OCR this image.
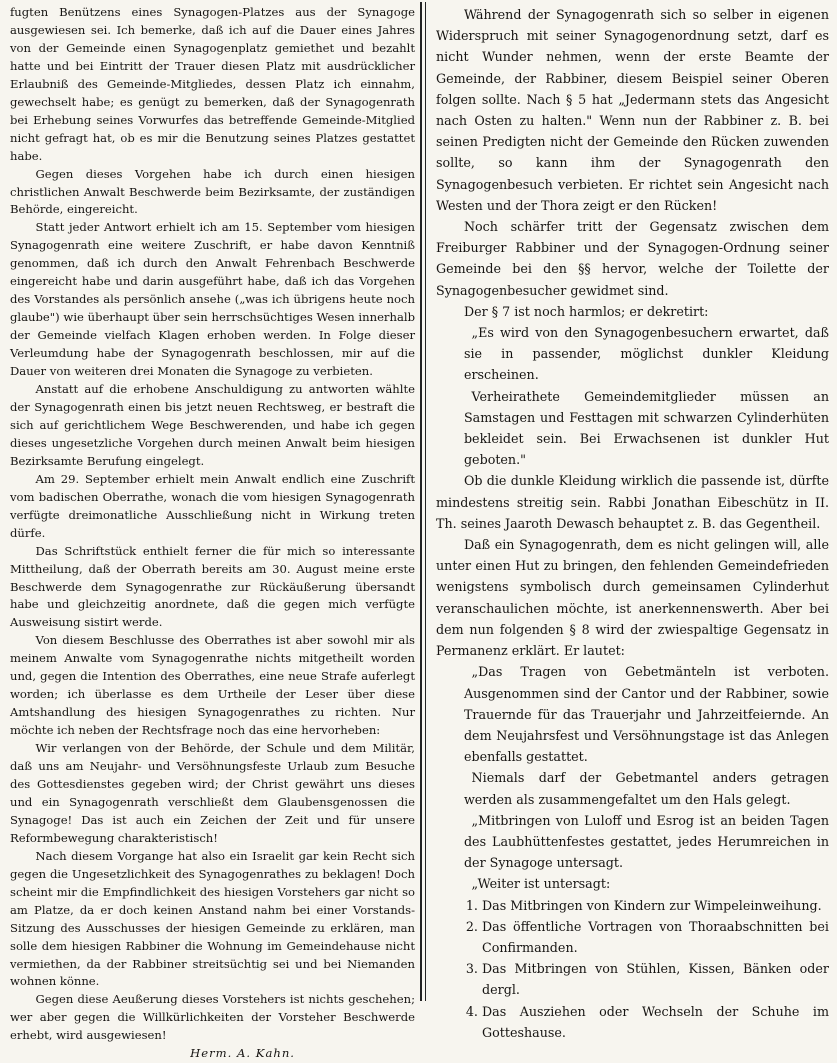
fugten Benützens eines Synagogen-Platzes aus der Synagoge ausgewiesen sei. Ich bemerke, daß ich auf die Dauer eines Jahres von der Gemeinde einen Synagogenplatz gemiethet und bezahlt hatte und bei Eintritt der Trauer diesen Platz mit ausdrücklicher Erlaubniß des Gemeinde-Mitgliedes, dessen Platz ich einnahm, gewechselt habe; es genügt zu bemerken, daß der Synagogenrath bei Erhebung seines Vorwurfes das betreffende Gemeinde-Mitglied nicht gefragt hat, ob es mir die Benutzung seines Platzes gestattet habe.

Gegen dieses Vorgehen habe ich durch einen hiesigen christlichen Anwalt Beschwerde beim Bezirksamte, der zuständigen Behörde, eingereicht.

Statt jeder Antwort erhielt ich am 15. September vom hiesigen Synagogenrath eine weitere Zuschrift, er habe davon Kenntniß genommen, daß ich durch den Anwalt Fehrenbach Beschwerde eingereicht habe und darin ausgeführt habe, daß ich das Vorgehen des Vorstandes als persönlich ansehe („was ich übrigens heute noch glaube") wie überhaupt über sein herrschsüchtiges Wesen innerhalb der Gemeinde vielfach Klagen erhoben werden. In Folge dieser Verleumdung habe der Synagogenrath beschlossen, mir auf die Dauer von weiteren drei Monaten die Synagoge zu verbieten.

Anstatt auf die erhobene Anschuldigung zu antworten wählte der Synagogenrath einen bis jetzt neuen Rechtsweg, er bestraft die sich auf gerichtlichem Wege Beschwerenden, und habe ich gegen dieses ungesetzliche Vorgehen durch meinen Anwalt beim hiesigen Bezirksamte Berufung eingelegt.

Am 29. September erhielt mein Anwalt endlich eine Zuschrift vom badischen Oberrathe, wonach die vom hiesigen Synagogenrath verfügte dreimonatliche Ausschließung nicht in Wirkung treten dürfe.

Das Schriftstück enthielt ferner die für mich so interessante Mittheilung, daß der Oberrath bereits am 30. August meine erste Beschwerde dem Synagogenrathe zur Rückäußerung übersandt habe und gleichzeitig anordnete, daß die gegen mich verfügte Ausweisung sistirt werde.

Von diesem Beschlusse des Oberrathes ist aber sowohl mir als meinem Anwalte vom Synagogenrathe nichts mitgetheilt worden und, gegen die Intention des Oberrathes, eine neue Strafe auferlegt worden; ich überlasse es dem Urtheile der Leser über diese Amtshandlung des hiesigen Synagogenrathes zu richten. Nur möchte ich neben der Rechtsfrage noch das eine hervorheben:

Wir verlangen von der Behörde, der Schule und dem Militär, daß uns am Neujahr- und Versöhnungsfeste Urlaub zum Besuche des Gottesdienstes gegeben wird; der Christ gewährt uns dieses und ein Synagogenrath verschließt dem Glaubensgenossen die Synagoge! Das ist auch ein Zeichen der Zeit und für unsere Reformbewegung charakteristisch!

Nach diesem Vorgange hat also ein Israelit gar kein Recht sich gegen die Ungesetzlichkeit des Synagogenrathes zu beklagen! Doch scheint mir die Empfindlichkeit des hiesigen Vorstehers gar nicht so am Platze, da er doch keinen Anstand nahm bei einer Vorstands-Sitzung des Ausschusses der hiesigen Gemeinde zu erklären, man solle dem hiesigen Rabbiner die Wohnung im Gemeindehause nicht vermiethen, da der Rabbiner streitsüchtig sei und bei Niemanden wohnen könne.

Gegen diese Aeußerung dieses Vorstehers ist nichts geschehen; wer aber gegen die Willkürlichkeiten der Vorsteher Beschwerde erhebt, wird ausgewiesen!

Herm. A. Kahn.

Während der Synagogenrath sich so selber in eigenen Widerspruch mit seiner Synagogenordnung setzt, darf es nicht Wunder nehmen, wenn der erste Beamte der Gemeinde, der Rabbiner, diesem Beispiel seiner Oberen folgen sollte. Nach § 5 hat „Jedermann stets das Angesicht nach Osten zu halten." Wenn nun der Rabbiner z. B. bei seinen Predigten nicht der Gemeinde den Rücken zuwenden sollte, so kann ihm der Synagogenrath den Synagogenbesuch verbieten. Er richtet sein Angesicht nach Westen und der Thora zeigt er den Rücken!

Noch schärfer tritt der Gegensatz zwischen dem Freiburger Rabbiner und der Synagogen-Ordnung seiner Gemeinde bei den §§ hervor, welche der Toilette der Synagogenbesucher gewidmet sind.

Der § 7 ist noch harmlos; er dekretirt:

„Es wird von den Synagogenbesuchern erwartet, daß sie in passender, möglichst dunkler Kleidung erscheinen.

Verheirathete Gemeindemitglieder müssen an Samstagen und Festtagen mit schwarzen Cylinderhüten bekleidet sein. Bei Erwachsenen ist dunkler Hut geboten."

Ob die dunkle Kleidung wirklich die passende ist, dürfte mindestens streitig sein. Rabbi Jonathan Eibeschütz in II. Th. seines Jaaroth Dewasch behauptet z. B. das Gegentheil.

Daß ein Synagogenrath, dem es nicht gelingen will, alle unter einen Hut zu bringen, den fehlenden Gemeindefrieden wenigstens symbolisch durch gemeinsamen Cylinderhut veranschaulichen möchte, ist anerkennenswerth. Aber bei dem nun folgenden § 8 wird der zwiespaltige Gegensatz in Permanenz erklärt. Er lautet:

„Das Tragen von Gebetmänteln ist verboten. Ausgenommen sind der Cantor und der Rabbiner, sowie Trauernde für das Trauerjahr und Jahrzeitfeiernde. An dem Neujahrsfest und Versöhnungstage ist das Anlegen ebenfalls gestattet.

Niemals darf der Gebetmantel anders getragen werden als zusammengefaltet um den Hals gelegt.

„Mitbringen von Luloff und Esrog ist an beiden Tagen des Laubhüttenfestes gestattet, jedes Herumreichen in der Synagoge untersagt.

„Weiter ist untersagt:

1. Das Mitbringen von Kindern zur Wimpeleinweihung.
2. Das öffentliche Vortragen von Thoraabschnitten bei Confirmanden.
3. Das Mitbringen von Stühlen, Kissen, Bänken oder dergl.
4. Das Ausziehen oder Wechseln der Schuhe im Gotteshause.
